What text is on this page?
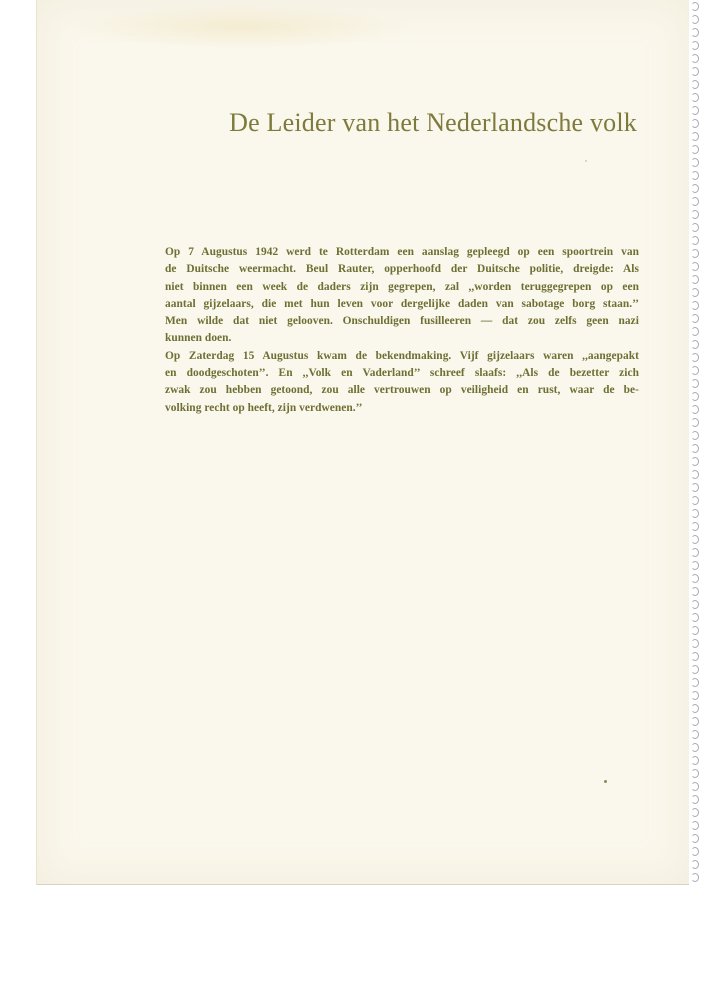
De Leider van het Nederlandsche volk
Op 7 Augustus 1942 werd te Rotterdam een aanslag gepleegd op een spoortrein van
de Duitsche weermacht. Beul Rauter, opperhoofd der Duitsche politie, dreigde: Als
niet binnen een week de daders zijn gegrepen, zal ,,worden teruggegrepen op een
aantal gijzelaars, die met hun leven voor dergelijke daden van sabotage borg staan.’’
Men wilde dat niet gelooven. Onschuldigen fusilleeren — dat zou zelfs geen nazi
kunnen doen.
Op Zaterdag 15 Augustus kwam de bekendmaking. Vijf gijzelaars waren ,,aangepakt
en doodgeschoten’’. En ,,Volk en Vaderland’’ schreef slaafs: ,,Als de bezetter zich
zwak zou hebben getoond, zou alle vertrouwen op veiligheid en rust, waar de be-
volking recht op heeft, zijn verdwenen.’’
